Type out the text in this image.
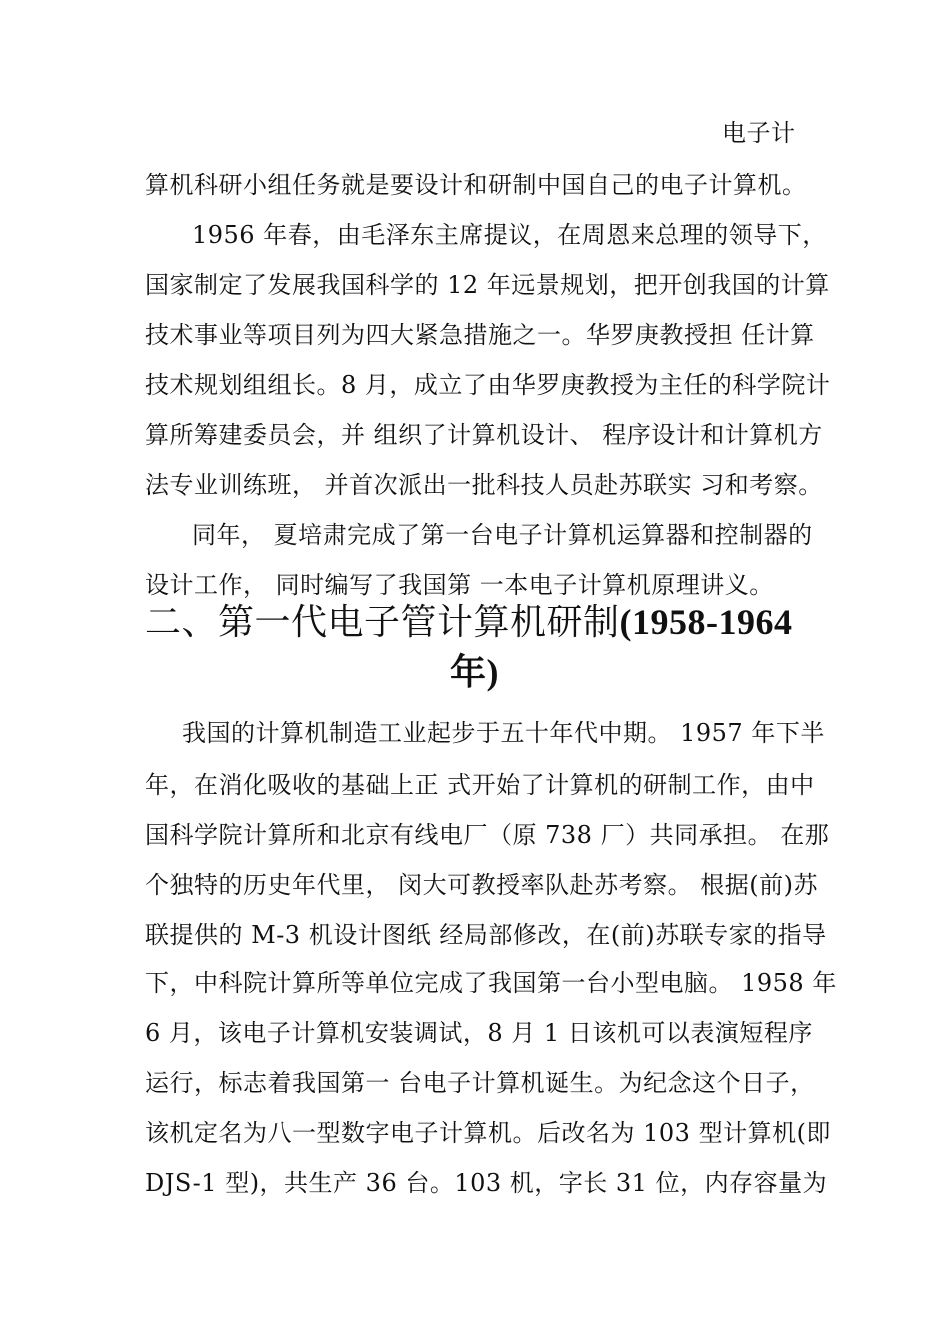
电子计
算机科研小组任务就是要设计和研制中国自己的电子计算机。
1956 年春，由毛泽东主席提议，在周恩来总理的领导下，
国家制定了发展我国科学的 12 年远景规划，把开创我国的计算
技术事业等项目列为四大紧急措施之一。华罗庚教授担 任计算
技术规划组组长。8 月，成立了由华罗庚教授为主任的科学院计
算所筹建委员会，并 组织了计算机设计、 程序设计和计算机方
法专业训练班， 并首次派出一批科技人员赴苏联实 习和考察。
同年， 夏培肃完成了第一台电子计算机运算器和控制器的
设计工作， 同时编写了我国第 一本电子计算机原理讲义。
二、第一代电子管计算机研制(1958-1964
年)
我国的计算机制造工业起步于五十年代中期。 1957 年下半
年，在消化吸收的基础上正 式开始了计算机的研制工作，由中
国科学院计算所和北京有线电厂（原 738 厂）共同承担。 在那
个独特的历史年代里， 闵大可教授率队赴苏考察。 根据(前)苏
联提供的 M-3 机设计图纸 经局部修改，在(前)苏联专家的指导
下，中科院计算所等单位完成了我国第一台小型电脑。 1958 年
6 月，该电子计算机安装调试，8 月 1 日该机可以表演短程序
运行，标志着我国第一 台电子计算机诞生。为纪念这个日子，
该机定名为八一型数字电子计算机。后改名为 103 型计算机(即
DJS-1 型)，共生产 36 台。103 机，字长 31 位，内存容量为
